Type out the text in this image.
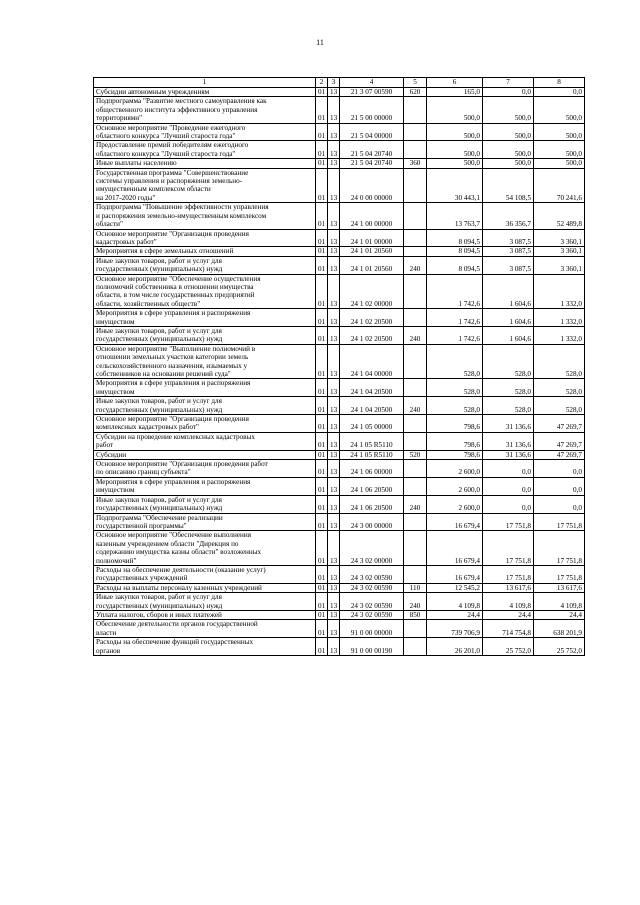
11
1	2	3	4	5	6	7	8

Субсидии автономным учреждениям	01	13	21 3 07 00590	620	165,0	0,0	0,0

Подпрограмма "Развитие местного самоуправления как
общественного института эффективного управления
территориями"	01	13	21 5 00 00000		500,0	500,0	500,0

Основное мероприятие "Проведение ежегодного
областного конкурса "Лучший староста года"	01	13	21 5 04 00000		500,0	500,0	500,0

Предоставление премий победителям ежегодного
областного конкурса "Лучший староста года"	01	13	21 5 04 20740		500,0	500,0	500,0

Иные выплаты населению	01	13	21 5 04 20740	360	500,0	500,0	500,0

Государственная программа "Совершенствование
системы управления и распоряжения земельно-
имущественным комплексом области
на 2017-2020 годы"	01	13	24 0 00 00000		30 443,1	54 108,5	70 241,6

Подпрограмма "Повышение эффективности управления
и распоряжения земельно-имущественным комплексом
области"	01	13	24 1 00 00000		13 763,7	36 356,7	52 489,8

Основное мероприятие "Организация проведения
кадастровых работ"	01	13	24 1 01 00000		8 094,5	3 087,5	3 360,1

Мероприятия в сфере земельных отношений	01	13	24 1 01 20560		8 094,5	3 087,5	3 360,1

Иные закупки товаров, работ и услуг для
государственных (муниципальных) нужд	01	13	24 1 01 20560	240	8 094,5	3 087,5	3 360,1

Основное мероприятие "Обеспечение осуществления
полномочий собственника в отношении имущества
области, в том числе государственных предприятий
области, хозяйственных обществ"	01	13	24 1 02 00000		1 742,6	1 604,6	1 332,0

Мероприятия в сфере управления и распоряжения
имуществом	01	13	24 1 02 20500		1 742,6	1 604,6	1 332,0

Иные закупки товаров, работ и услуг для
государственных (муниципальных) нужд	01	13	24 1 02 20500	240	1 742,6	1 604,6	1 332,0

Основное мероприятие "Выполнение полномочий в
отношении земельных участков категории земель
сельскохозяйственного назначения, изымаемых у
собственников на основании решений суда"	01	13	24 1 04 00000		528,0	528,0	528,0

Мероприятия в сфере управления и распоряжения
имуществом	01	13	24 1 04 20500		528,0	528,0	528,0

Иные закупки товаров, работ и услуг для
государственных (муниципальных) нужд	01	13	24 1 04 20500	240	528,0	528,0	528,0

Основное мероприятие "Организация проведения
комплексных кадастровых работ"	01	13	24 1 05 00000		798,6	31 136,6	47 269,7

Субсидии на проведение комплексных кадастровых
работ	01	13	24 1 05 R5110		798,6	31 136,6	47 269,7

Субсидии	01	13	24 1 05 R5110	520	798,6	31 136,6	47 269,7

Основное мероприятие "Организация проведения работ
по описанию границ субъекта"	01	13	24 1 06 00000		2 600,0	0,0	0,0

Мероприятия в сфере управления и распоряжения
имуществом	01	13	24 1 06 20500		2 600,0	0,0	0,0

Иные закупки товаров, работ и услуг для
государственных (муниципальных) нужд	01	13	24 1 06 20500	240	2 600,0	0,0	0,0

Подпрограмма "Обеспечение реализации
государственной программы"	01	13	24 3 00 00000		16 679,4	17 751,8	17 751,8

Основное мероприятие "Обеспечение выполнения
казенным учреждением области "Дирекция по
содержанию имущества казны области" возложенных
полномочий"	01	13	24 3 02 00000		16 679,4	17 751,8	17 751,8

Расходы на обеспечение деятельности (оказание услуг)
государственных учреждений	01	13	24 3 02 00590		16 679,4	17 751,8	17 751,8

Расходы на выплаты персоналу казенных учреждений	01	13	24 3 02 00590	110	12 545,2	13 617,6	13 617,6

Иные закупки товаров, работ и услуг для
государственных (муниципальных) нужд	01	13	24 3 02 00590	240	4 109,8	4 109,8	4 109,8

Уплата налогов, сборов и иных платежей	01	13	24 3 02 00590	850	24,4	24,4	24,4

Обеспечение деятельности органов государственной
власти	01	13	91 0 00 00000		739 706,9	714 754,8	638 201,9

Расходы на обеспечение функций государственных
органов	01	13	91 0 00 00190		26 201,0	25 752,0	25 752,0
